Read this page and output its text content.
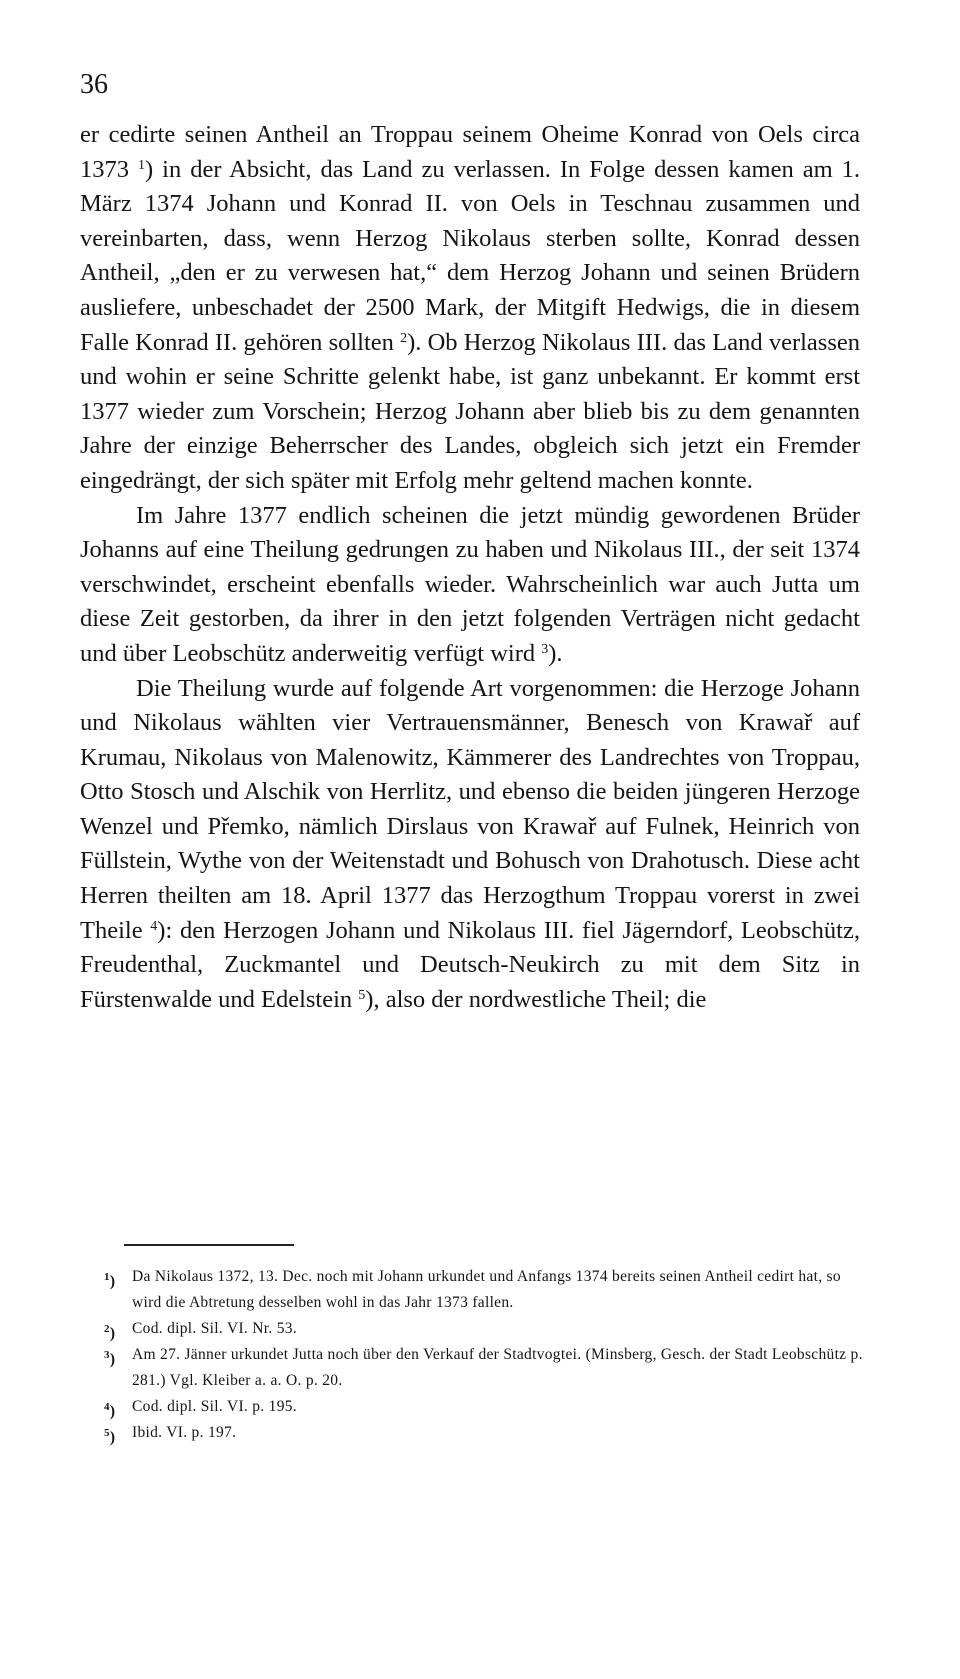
36

er cedirte seinen Antheil an Troppau seinem Oheime Konrad von Oels circa 1373 $^1$) in der Absicht, das Land zu verlassen. In Folge dessen kamen am 1. März 1374 Johann und Konrad II. von Oels in Teschnau zusammen und vereinbarten, dass, wenn Herzog Nikolaus sterben sollte, Konrad dessen Antheil, „den er zu verwesen hat,“ dem Herzog Johann und seinen Brüdern ausliefere, unbeschadet der 2500 Mark, der Mitgift Hedwigs, die in diesem Falle Konrad II. gehören sollten $^2$). Ob Herzog Nikolaus III. das Land verlassen und wohin er seine Schritte gelenkt habe, ist ganz unbekannt. Er kommt erst 1377 wieder zum Vorschein; Herzog Johann aber blieb bis zu dem genannten Jahre der einzige Beherrscher des Landes, obgleich sich jetzt ein Fremder eingedrängt, der sich später mit Erfolg mehr geltend machen konnte.

Im Jahre 1377 endlich scheinen die jetzt mündig gewordenen Brüder Johanns auf eine Theilung gedrungen zu haben und Nikolaus III., der seit 1374 verschwindet, erscheint ebenfalls wieder. Wahrscheinlich war auch Jutta um diese Zeit gestorben, da ihrer in den jetzt folgenden Verträgen nicht gedacht und über Leobschütz anderweitig verfügt wird $^3$).

Die Theilung wurde auf folgende Art vorgenommen: die Herzoge Johann und Nikolaus wählten vier Vertrauensmänner, Benesch von Krawař auf Krumau, Nikolaus von Malenowitz, Kämmerer des Landrechtes von Troppau, Otto Stosch und Alschik von Herrlitz, und ebenso die beiden jüngeren Herzoge Wenzel und Přemko, nämlich Dirslaus von Krawař auf Fulnek, Heinrich von Füllstein, Wythe von der Weitenstadt und Bohusch von Drahotusch. Diese acht Herren theilten am 18. April 1377 das Herzogthum Troppau vorerst in zwei Theile $^4$): den Herzogen Johann und Nikolaus III. fiel Jägerndorf, Leobschütz, Freudenthal, Zuckmantel und Deutsch-Neukirch zu mit dem Sitz in Fürstenwalde und Edelstein $^5$), also der nordwestliche Theil; die

$^1$)	Da Nikolaus 1372, 13. Dec. noch mit Johann urkundet und Anfangs 1374 bereits seinen Antheil cedirt hat, so wird die Abtretung desselben wohl in das Jahr 1373 fallen.

$^2$)	Cod. dipl. Sil. VI. Nr. 53.

$^3$)	Am 27. Jänner urkundet Jutta noch über den Verkauf der Stadtvogtei. (Minsberg, Gesch. der Stadt Leobschütz p. 281.) Vgl. Kleiber a. a. O. p. 20.

$^4$)	Cod. dipl. Sil. VI. p. 195.

$^5$)	Ibid. VI. p. 197.
